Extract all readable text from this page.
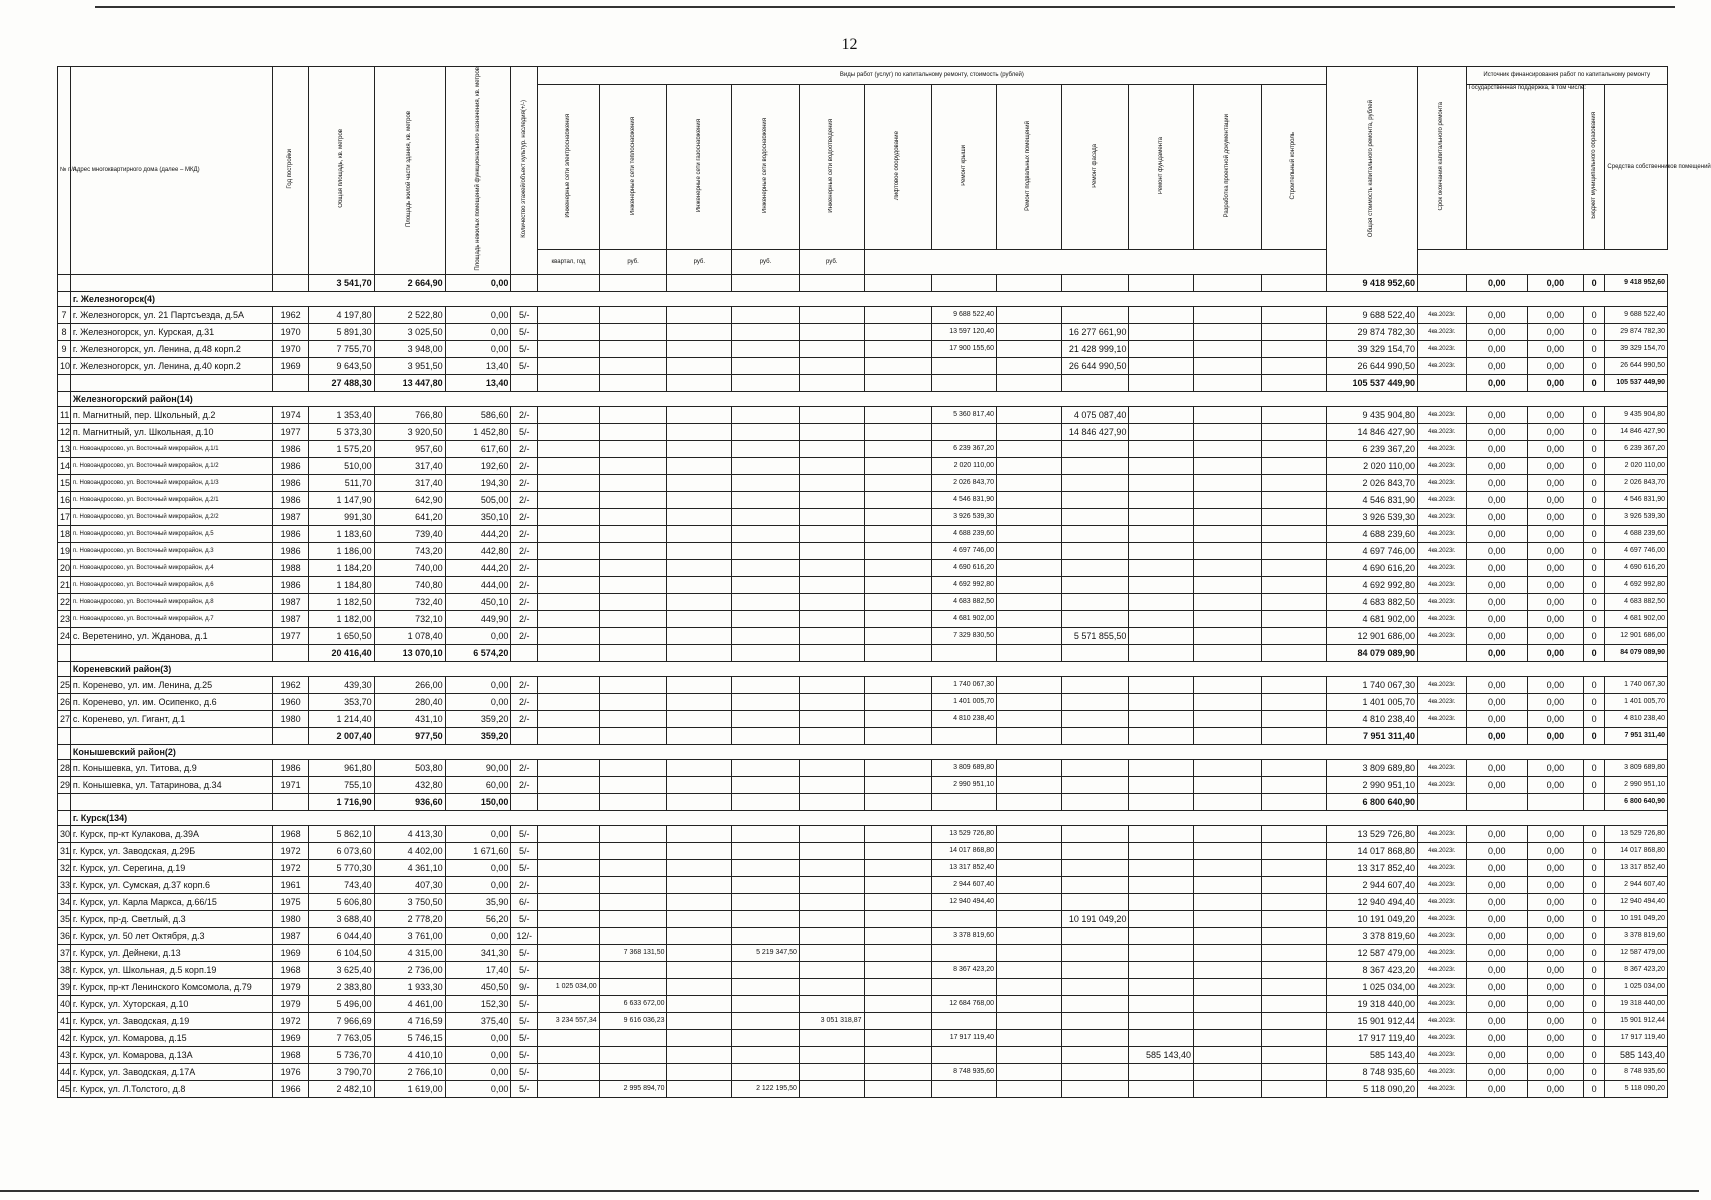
12
№ п/п	Адрес многоквартирного дома (далее – МКД)	Год постройки	Общая площадь, кв. метров	Площадь жилой части здания, кв. метров	Площадь нежилых помещений функционального назначения, кв. метров	Количество этажей/объект культур. наследия(+/-)	Виды работ (услуг) по капитальному ремонту, стоимость (рублей)												Общая стоимость капитального ремонта, рублей	Срок окончания капитального ремонта	Источник финансирования работ по капитальному ремонту			
							Инженерные сети электроснабжения	Инженерные сети теплоснабжения	Инженерные сети газоснабжения	Инженерные сети водоснабжения	Инженерные сети водоотведения	Лифтовое оборудование	Ремонт крыши	Ремонт подвальных помещений	Ремонт фасада	Ремонт фундамента	Разработка проектной документации	Строительный контроль			Государственная поддержка, в том числе:		Бюджет муниципального образования	Средства собственников помещений
							квартал, год	руб.	руб.	руб.	руб.													
			3 541,70	2 664,90	0,00														9 418 952,60		0,00	0,00	0	9 418 952,60
	г. Железногорск(4)																							
7	г. Железногорск, ул. 21 Партсъезда, д.5А	1962	4 197,80	2 522,80	0,00	5/-							9 688 522,40						9 688 522,40	4кв.2023г.	0,00	0,00	0	9 688 522,40
8	г. Железногорск, ул. Курская, д.31	1970	5 891,30	3 025,50	0,00	5/-							13 597 120,40		16 277 661,90				29 874 782,30	4кв.2023г.	0,00	0,00	0	29 874 782,30
9	г. Железногорск, ул. Ленина, д.48 корп.2	1970	7 755,70	3 948,00	0,00	5/-							17 900 155,60		21 428 999,10				39 329 154,70	4кв.2023г.	0,00	0,00	0	39 329 154,70
10	г. Железногорск, ул. Ленина, д.40 корп.2	1969	9 643,50	3 951,50	13,40	5/-									26 644 990,50				26 644 990,50	4кв.2023г.	0,00	0,00	0	26 644 990,50
			27 488,30	13 447,80	13,40														105 537 449,90		0,00	0,00	0	105 537 449,90
	Железногорский район(14)																							
11	п. Магнитный, пер. Школьный, д.2	1974	1 353,40	766,80	586,60	2/-							5 360 817,40		4 075 087,40				9 435 904,80	4кв.2023г.	0,00	0,00	0	9 435 904,80
12	п. Магнитный, ул. Школьная, д.10	1977	5 373,30	3 920,50	1 452,80	5/-									14 846 427,90				14 846 427,90	4кв.2023г.	0,00	0,00	0	14 846 427,90
13	п. Новоандросово, ул. Восточный микрорайон, д.1/1	1986	1 575,20	957,60	617,60	2/-							6 239 367,20						6 239 367,20	4кв.2023г.	0,00	0,00	0	6 239 367,20
14	п. Новоандросово, ул. Восточный микрорайон, д.1/2	1986	510,00	317,40	192,60	2/-							2 020 110,00						2 020 110,00	4кв.2023г.	0,00	0,00	0	2 020 110,00
15	п. Новоандросово, ул. Восточный микрорайон, д.1/3	1986	511,70	317,40	194,30	2/-							2 026 843,70						2 026 843,70	4кв.2023г.	0,00	0,00	0	2 026 843,70
16	п. Новоандросово, ул. Восточный микрорайон, д.2/1	1986	1 147,90	642,90	505,00	2/-							4 546 831,90						4 546 831,90	4кв.2023г.	0,00	0,00	0	4 546 831,90
17	п. Новоандросово, ул. Восточный микрорайон, д.2/2	1987	991,30	641,20	350,10	2/-							3 926 539,30						3 926 539,30	4кв.2023г.	0,00	0,00	0	3 926 539,30
18	п. Новоандросово, ул. Восточный микрорайон, д.5	1986	1 183,60	739,40	444,20	2/-							4 688 239,60						4 688 239,60	4кв.2023г.	0,00	0,00	0	4 688 239,60
19	п. Новоандросово, ул. Восточный микрорайон, д.3	1986	1 186,00	743,20	442,80	2/-							4 697 746,00						4 697 746,00	4кв.2023г.	0,00	0,00	0	4 697 746,00
20	п. Новоандросово, ул. Восточный микрорайон, д.4	1988	1 184,20	740,00	444,20	2/-							4 690 616,20						4 690 616,20	4кв.2023г.	0,00	0,00	0	4 690 616,20
21	п. Новоандросово, ул. Восточный микрорайон, д.6	1986	1 184,80	740,80	444,00	2/-							4 692 992,80						4 692 992,80	4кв.2023г.	0,00	0,00	0	4 692 992,80
22	п. Новоандросово, ул. Восточный микрорайон, д.8	1987	1 182,50	732,40	450,10	2/-							4 683 882,50						4 683 882,50	4кв.2023г.	0,00	0,00	0	4 683 882,50
23	п. Новоандросово, ул. Восточный микрорайон, д.7	1987	1 182,00	732,10	449,90	2/-							4 681 902,00						4 681 902,00	4кв.2023г.	0,00	0,00	0	4 681 902,00
24	с. Веретенино, ул. Жданова, д.1	1977	1 650,50	1 078,40	0,00	2/-							7 329 830,50		5 571 855,50				12 901 686,00	4кв.2023г.	0,00	0,00	0	12 901 686,00
			20 416,40	13 070,10	6 574,20														84 079 089,90		0,00	0,00	0	84 079 089,90
	Кореневский район(3)																							
25	п. Коренево, ул. им. Ленина, д.25	1962	439,30	266,00	0,00	2/-							1 740 067,30						1 740 067,30	4кв.2023г.	0,00	0,00	0	1 740 067,30
26	п. Коренево, ул. им. Осипенко, д.6	1960	353,70	280,40	0,00	2/-							1 401 005,70						1 401 005,70	4кв.2023г.	0,00	0,00	0	1 401 005,70
27	с. Коренево, ул. Гигант, д.1	1980	1 214,40	431,10	359,20	2/-							4 810 238,40						4 810 238,40	4кв.2023г.	0,00	0,00	0	4 810 238,40
			2 007,40	977,50	359,20														7 951 311,40		0,00	0,00	0	7 951 311,40
	Конышевский район(2)																							
28	п. Конышевка, ул. Титова, д.9	1986	961,80	503,80	90,00	2/-							3 809 689,80						3 809 689,80	4кв.2023г.	0,00	0,00	0	3 809 689,80
29	п. Конышевка, ул. Татаринова, д.34	1971	755,10	432,80	60,00	2/-							2 990 951,10						2 990 951,10	4кв.2023г.	0,00	0,00	0	2 990 951,10
			1 716,90	936,60	150,00														6 800 640,90					6 800 640,90
	г. Курск(134)																							
30	г. Курск, пр-кт Кулакова, д.39А	1968	5 862,10	4 413,30	0,00	5/-							13 529 726,80						13 529 726,80	4кв.2023г.	0,00	0,00	0	13 529 726,80
31	г. Курск, ул. Заводская, д.29Б	1972	6 073,60	4 402,00	1 671,60	5/-							14 017 868,80						14 017 868,80	4кв.2023г.	0,00	0,00	0	14 017 868,80
32	г. Курск, ул. Серегина, д.19	1972	5 770,30	4 361,10	0,00	5/-							13 317 852,40						13 317 852,40	4кв.2023г.	0,00	0,00	0	13 317 852,40
33	г. Курск, ул. Сумская, д.37 корп.6	1961	743,40	407,30	0,00	2/-							2 944 607,40						2 944 607,40	4кв.2023г.	0,00	0,00	0	2 944 607,40
34	г. Курск, ул. Карла Маркса, д.66/15	1975	5 606,80	3 750,50	35,90	6/-							12 940 494,40						12 940 494,40	4кв.2023г.	0,00	0,00	0	12 940 494,40
35	г. Курск, пр-д. Светлый, д.3	1980	3 688,40	2 778,20	56,20	5/-									10 191 049,20				10 191 049,20	4кв.2023г.	0,00	0,00	0	10 191 049,20
36	г. Курск, ул. 50 лет Октября, д.3	1987	6 044,40	3 761,00	0,00	12/-							3 378 819,60						3 378 819,60	4кв.2023г.	0,00	0,00	0	3 378 819,60
37	г. Курск, ул. Дейнеки, д.13	1969	6 104,50	4 315,00	341,30	5/-		7 368 131,50		5 219 347,50									12 587 479,00	4кв.2023г.	0,00	0,00	0	12 587 479,00
38	г. Курск, ул. Школьная, д.5 корп.19	1968	3 625,40	2 736,00	17,40	5/-							8 367 423,20						8 367 423,20	4кв.2023г.	0,00	0,00	0	8 367 423,20
39	г. Курск, пр-кт Ленинского Комсомола, д.79	1979	2 383,80	1 933,30	450,50	9/-	1 025 034,00												1 025 034,00	4кв.2023г.	0,00	0,00	0	1 025 034,00
40	г. Курск, ул. Хуторская, д.10	1979	5 496,00	4 461,00	152,30	5/-		6 633 672,00					12 684 768,00						19 318 440,00	4кв.2023г.	0,00	0,00	0	19 318 440,00
41	г. Курск, ул. Заводская, д.19	1972	7 966,69	4 716,59	375,40	5/-	3 234 557,34	9 616 036,23			3 051 318,87								15 901 912,44	4кв.2023г.	0,00	0,00	0	15 901 912,44
42	г. Курск, ул. Комарова, д.15	1969	7 763,05	5 746,15	0,00	5/-							17 917 119,40						17 917 119,40	4кв.2023г.	0,00	0,00	0	17 917 119,40
43	г. Курск, ул. Комарова, д.13А	1968	5 736,70	4 410,10	0,00	5/-										585 143,40			585 143,40	4кв.2023г.	0,00	0,00	0	585 143,40
44	г. Курск, ул. Заводская, д.17А	1976	3 790,70	2 766,10	0,00	5/-							8 748 935,60						8 748 935,60	4кв.2023г.	0,00	0,00	0	8 748 935,60
45	г. Курск, ул. Л.Толстого, д.8	1966	2 482,10	1 619,00	0,00	5/-		2 995 894,70		2 122 195,50									5 118 090,20	4кв.2023г.	0,00	0,00	0	5 118 090,20
